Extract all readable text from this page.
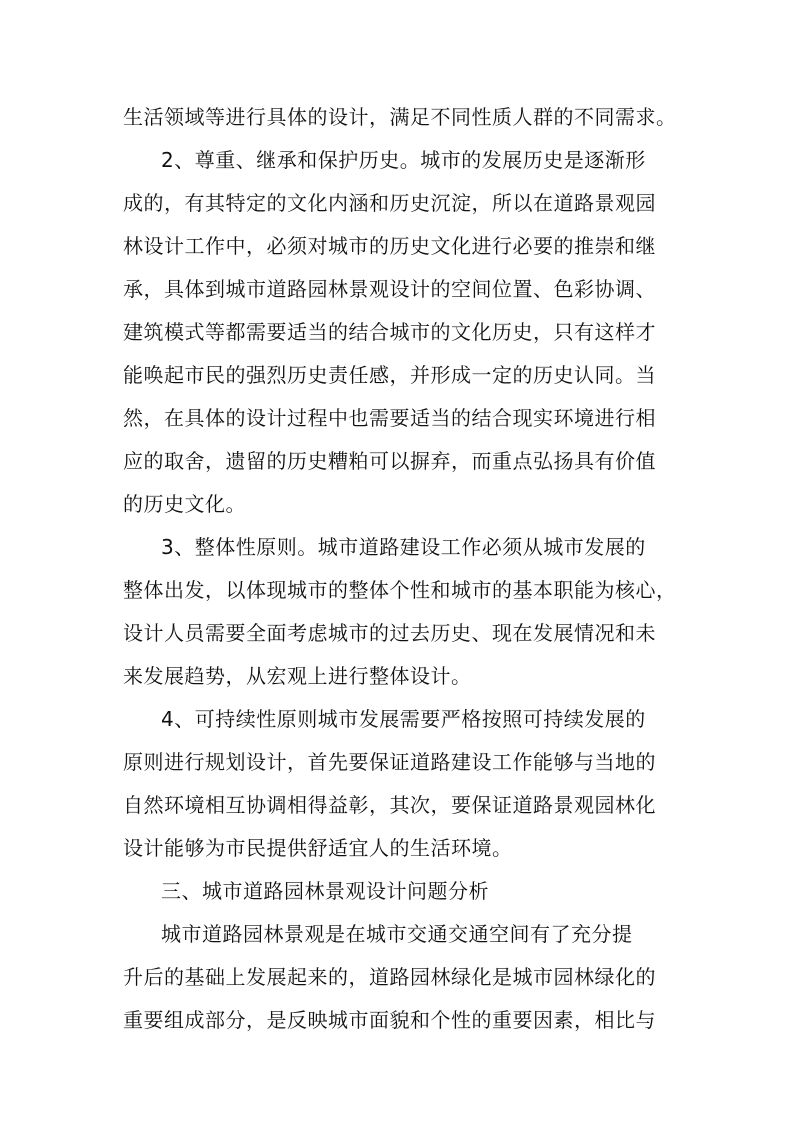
生活领域等进行具体的设计，满足不同性质人群的不同需求。

2、尊重、继承和保护历史。城市的发展历史是逐渐形

成的，有其特定的文化内涵和历史沉淀，所以在道路景观园

林设计工作中，必须对城市的历史文化进行必要的推崇和继

承，具体到城市道路园林景观设计的空间位置、色彩协调、

建筑模式等都需要适当的结合城市的文化历史，只有这样才

能唤起市民的强烈历史责任感，并形成一定的历史认同。当

然，在具体的设计过程中也需要适当的结合现实环境进行相

应的取舍，遗留的历史糟粕可以摒弃，而重点弘扬具有价值

的历史文化。

3、整体性原则。城市道路建设工作必须从城市发展的

整体出发，以体现城市的整体个性和城市的基本职能为核心，

设计人员需要全面考虑城市的过去历史、现在发展情况和未

来发展趋势，从宏观上进行整体设计。

4、可持续性原则城市发展需要严格按照可持续发展的

原则进行规划设计，首先要保证道路建设工作能够与当地的

自然环境相互协调相得益彰，其次，要保证道路景观园林化

设计能够为市民提供舒适宜人的生活环境。

三、城市道路园林景观设计问题分析

城市道路园林景观是在城市交通交通空间有了充分提

升后的基础上发展起来的，道路园林绿化是城市园林绿化的

重要组成部分，是反映城市面貌和个性的重要因素，相比与
